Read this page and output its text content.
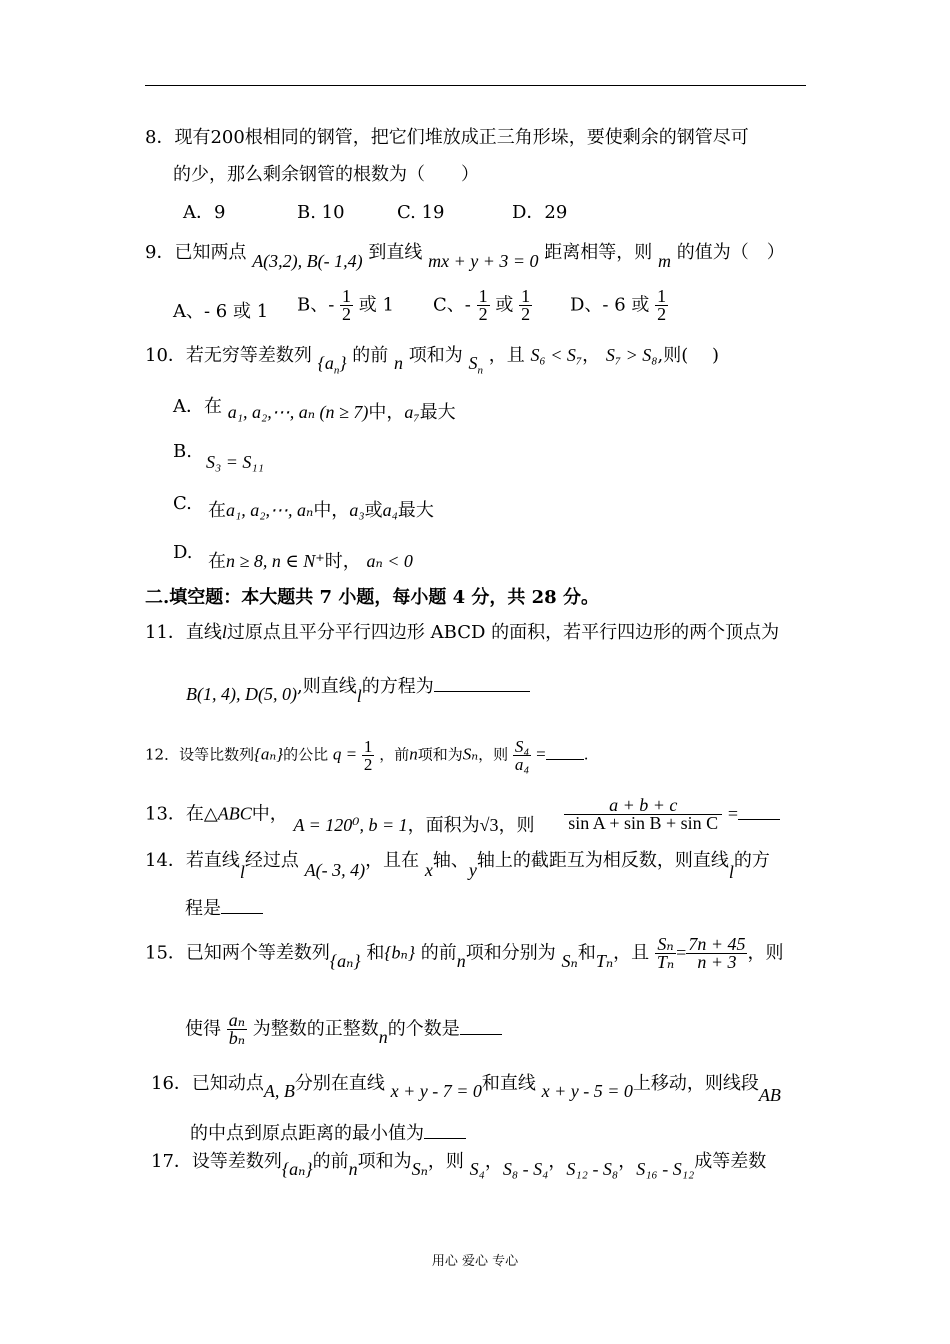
8．现有200根相同的钢管，把它们堆放成正三角形垛，要使剩余的钢管尽可
的少，那么剩余钢管的根数为（　　）
A．9	B. 10	C. 19	D．29
9．已知两点 A(3,2), B(- 1,4) 到直线 mx + y + 3 = 0 距离相等，则 m 的值为（　）
A、- 6 或 1 B、- $\frac{1}{2}$ 或 1 C、- $\frac{1}{2}$ 或 $\frac{1}{2}$ D、- 6 或 $\frac{1}{2}$
10．若无穷等差数列 $\{a_n\}$ 的前 n 项和为 $S_n$ ，且 S₆ < S₇， S₇ > S₈,则(　 )
A．在 a₁, a₂,⋯, aₙ (n ≥ 7)中，a₇最大
B. S₃ = S₁₁
C. 在a₁, a₂,⋯, aₙ中，a₃或a₄最大
D. 在n ≥ 8, n ∈ N⁺时， aₙ < 0
二.填空题：本大题共 7 小题，每小题 4 分，共 28 分。
11．直线l过原点且平分平行四边形 ABCD 的面积，若平行四边形的两个顶点为
B(1, 4), D(5, 0),则直线l的方程为
12．设等比数列{aₙ}的公比 $q = \frac{1}{2}$ ，前n项和为Sₙ，则 $\frac{\text{S₄}}{\text{a₄}}$ =	.
13．在△ABC中， A = 120⁰, b = 1，面积为√3，则 $\frac{a + b + c}{\text{sin A + sin B + sin C}}$ =
14．若直线l经过点 A(- 3, 4)，且在 x轴、y轴上的截距互为相反数，则直线l的方
程是
15．已知两个等差数列{aₙ} 和{bₙ} 的前n项和分别为 Sₙ和Tₙ，且 $\frac{\text{Sₙ}}{\text{Tₙ}} = \frac{7n + 45}{n + 3}$ ，则
使得 $\frac{\text{aₙ}}{\text{bₙ}}$ 为整数的正整数n的个数是
16．已知动点A, B分别在直线 x + y - 7 = 0和直线 x + y - 5 = 0上移动，则线段AB
的中点到原点距离的最小值为
17．设等差数列{aₙ}的前n项和为Sₙ，则 S₄，S₈ - S₄，S₁₂ - S₈，S₁₆ - S₁₂成等差数
用心 爱心 专心
